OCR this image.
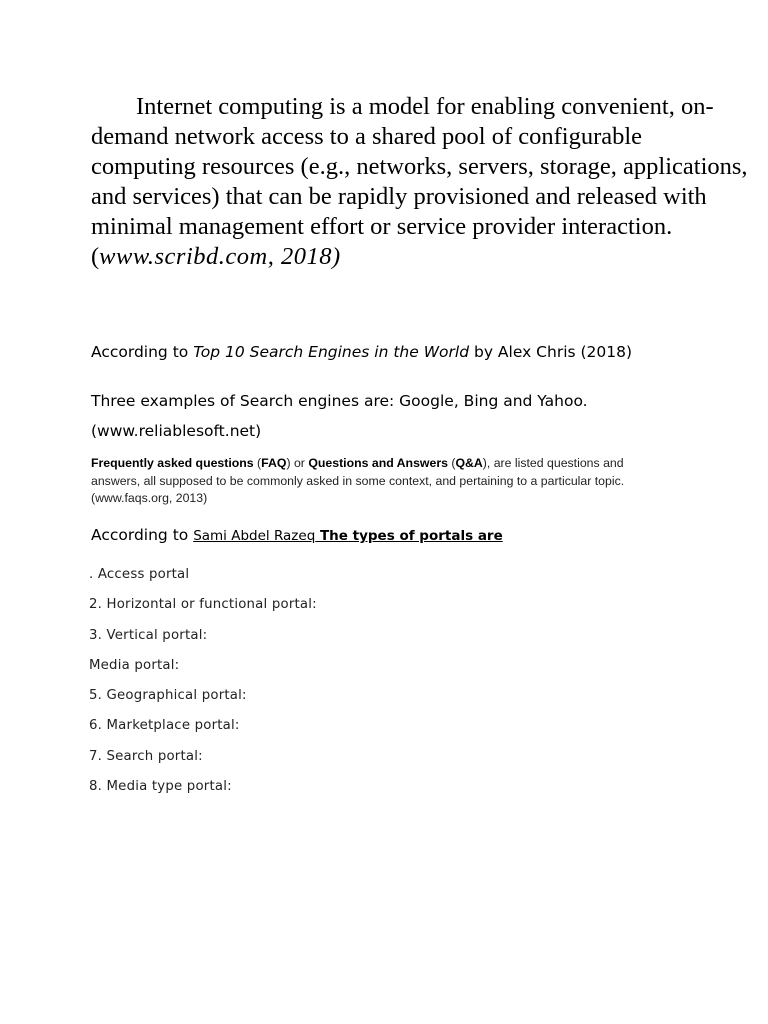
Internet computing is a model for enabling convenient, on-demand network access to a shared pool of configurable computing resources (e.g., networks, servers, storage, applications, and services) that can be rapidly provisioned and released with minimal management effort or service provider interaction. (www.scribd.com, 2018)

According to Top 10 Search Engines in the World by Alex Chris (2018)

Three examples of Search engines are: Google, Bing and Yahoo. (www.reliablesoft.net)

Frequently asked questions (FAQ) or Questions and Answers (Q&A), are listed questions and answers, all supposed to be commonly asked in some context, and pertaining to a particular topic.(www.faqs.org, 2013)

According to Sami Abdel Razeq The types of portals are

. Access portal
2. Horizontal or functional portal:
3. Vertical portal:
Media portal:
5. Geographical portal:
6. Marketplace portal:
7. Search portal:
8. Media type portal:
